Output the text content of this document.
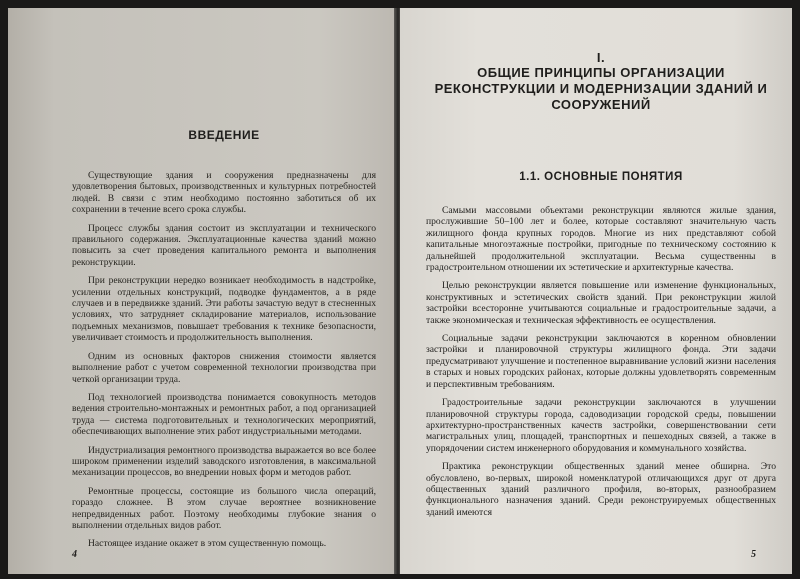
ВВЕДЕНИЕ

Существующие здания и сооружения предназначены для удовлетворения бытовых, производственных и культурных потребностей людей. В связи с этим необходимо постоянно заботиться об их сохранении в течение всего срока службы.

Процесс службы здания состоит из эксплуатации и технического правильного содержания. Эксплуатационные качества зданий можно повысить за счет проведения капитального ремонта и выполнения реконструкции.

При реконструкции нередко возникает необходимость в надстройке, усилении отдельных конструкций, подводке фундаментов, а в ряде случаев и в передвижке зданий. Эти работы зачастую ведут в стесненных условиях, что затрудняет складирование материалов, использование подъемных механизмов, повышает требования к технике безопасности, увеличивает стоимость и продолжительность выполнения.

Одним из основных факторов снижения стоимости является выполнение работ с учетом современной технологии производства при четкой организации труда.

Под технологией производства понимается совокупность методов ведения строительно-монтажных и ремонтных работ, а под организацией труда — система подготовительных и технологических мероприятий, обеспечивающих выполнение этих работ индустриальными методами.

Индустриализация ремонтного производства выражается во все более широком применении изделий заводского изготовления, в максимальной механизации процессов, во внедрении новых форм и методов работ.

Ремонтные процессы, состоящие из большого числа операций, гораздо сложнее. В этом случае вероятнее возникновение непредвиденных работ. Поэтому необходимы глубокие знания о выполнении отдельных видов работ.

Настоящее издание окажет в этом существенную помощь.

4
I.
ОБЩИЕ ПРИНЦИПЫ ОРГАНИЗАЦИИ РЕКОНСТРУКЦИИ И МОДЕРНИЗАЦИИ ЗДАНИЙ И СООРУЖЕНИЙ
1.1. ОСНОВНЫЕ ПОНЯТИЯ

Самыми массовыми объектами реконструкции являются жилые здания, прослужившие 50–100 лет и более, которые составляют значительную часть жилищного фонда крупных городов. Многие из них представляют собой капитальные многоэтажные постройки, пригодные по техническому состоянию к дальнейшей продолжительной эксплуатации. Весьма существенны в градостроительном отношении их эстетические и архитектурные качества.

Целью реконструкции является повышение или изменение функциональных, конструктивных и эстетических свойств зданий. При реконструкции жилой застройки всесторонне учитываются социальные и градостроительные задачи, а также экономическая и техническая эффективность ее осуществления.

Социальные задачи реконструкции заключаются в коренном обновлении застройки и планировочной структуры жилищного фонда. Эти задачи предусматривают улучшение и постепенное выравнивание условий жизни населения в старых и новых городских районах, которые должны удовлетворять современным и перспективным требованиям.

Градостроительные задачи реконструкции заключаются в улучшении планировочной структуры города, садоводизации городской среды, повышении архитектурно-пространственных качеств застройки, совершенствовании сети магистральных улиц, площадей, транспортных и пешеходных связей, а также в упорядочении систем инженерного оборудования и коммунального хозяйства.

Практика реконструкции общественных зданий менее обширна. Это обусловлено, во-первых, широкой номенклатурой отличающихся друг от друга общественных зданий различного профиля, во-вторых, разнообразием функционального назначения зданий. Среди реконструируемых общественных зданий имеются

5
